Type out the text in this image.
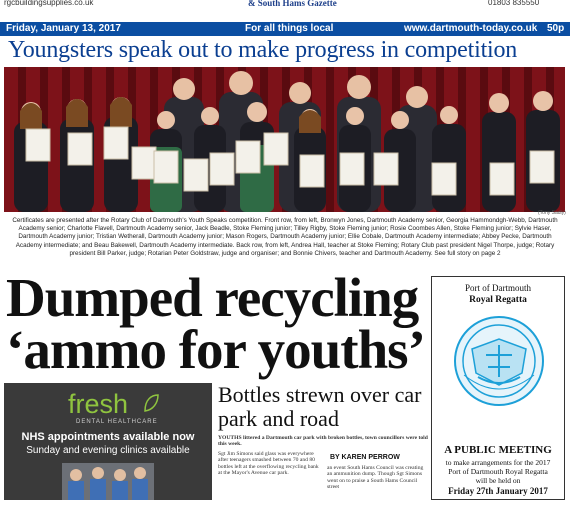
rgcbuildingsupplies.co.uk	& South Hams Gazette	01803 835550
Friday, January 13, 2017	For all things local	www.dartmouth-today.co.uk 50p
Youngsters speak out to make progress in competition
(Tony Sadly)
Certificates are presented after the Rotary Club of Dartmouth's Youth Speaks competition. Front row, from left, Bronwyn Jones, Dartmouth Academy senior, Georgia Hammondgh-Webb, Dartmouth Academy senior; Charlotte Flavell, Dartmouth Academy senior, Jack Beadle, Stoke Fleming junior; Tilley Rigby, Stoke Fleming junior; Rosie Coombes Allen, Stoke Fleming junior; Sylvie Haser, Dartmouth Academy junior; Tristian Wetherall, Dartmouth Academy junior; Mason Rogers, Dartmouth Academy junior; Ellie Cobale, Dartmouth Academy intermediate; Abbey Pecke, Dartmouth Academy intermediate; and Beau Bakewell, Dartmouth Academy intermediate. Back row, from left, Andrea Hall, teacher at Stoke Fleming; Rotary Club past president Nigel Thorpe, judge; Rotary president Bill Parker, judge; Rotarian Peter Goldstraw, judge and organiser; and Bonnie Chivers, teacher and Dartmouth Academy. See full story on page 2
Dumped recycling
‘ammo for youths’
fresh
DENTAL HEALTHCARE
NHS appointments available now
Sunday and evening clinics available
Bottles strewn over car park and road
YOUTHS littered a Dartmouth car park with broken bottles, town councillors were told this week.
Sgt Jim Simons said glass was everywhere after teenagers smashed between 70 and 80 bottles left at the overflowing recycling bank at the Mayor's Avenue car park.
an event South Hams Council was creating an ammunition dump. Though Sgt Simons went on to praise a South Hams Council street
BY KAREN PERROW
Port of Dartmouth
Royal Regatta
A PUBLIC MEETING
to make arrangements for the 2017
Port of Dartmouth Royal Regatta
will be held on
Friday 27th January 2017
